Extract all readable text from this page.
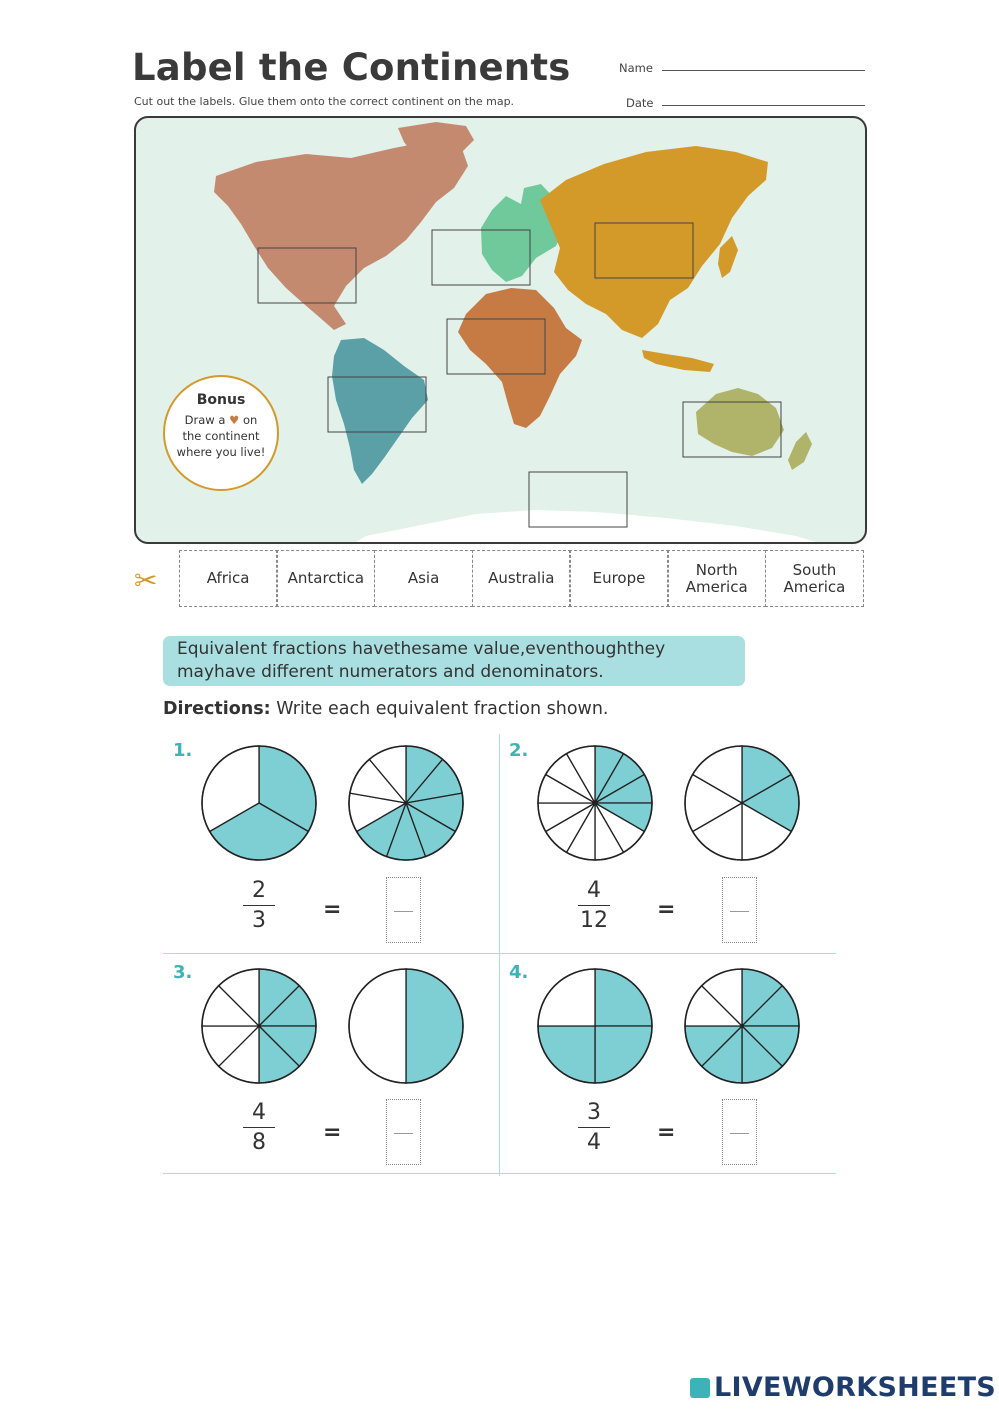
Label the Continents
Cut out the labels. Glue them onto the correct continent on the map.
Name
Date
Bonus
Draw a ♥ on
the continent
where you live!
✂	Africa	Antarctica	Asia	Australia	Europe	North
America
South
America
Equivalent fractions havethesame value,eventhoughthey mayhave different numerators and denominators.
Directions: Write each equivalent fraction shown.
1.
2
3	=
2.
4
12 =
3.
4
8	=
4.
3
4	=
LIVEWORKSHEETS
